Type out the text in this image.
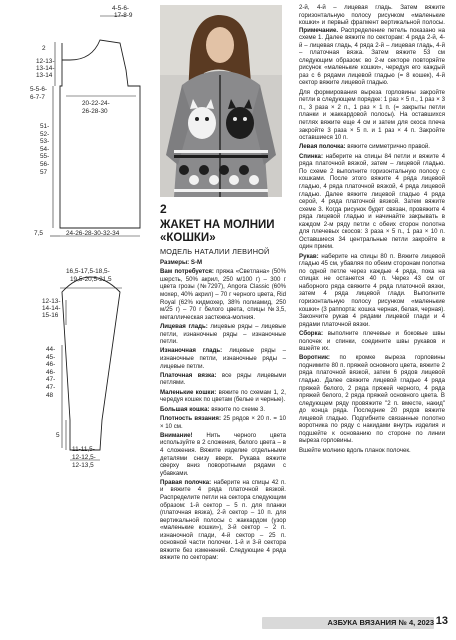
4-5-6-
17-8-9
2
12-13-
13-14-
13-14
5-5-6-
6-7-7
20-22-24-
26-28-30
51-
52-
53-
54-
55-
56-
57
7,5	24-26-28-30-32-34
16,5-17,5-18,5-
19,5-20,5-21,5
12-13-
14-14-
15-16
44-
45-
46-
46-
47-
47-
48
5
11-11,5-
12-12,5-
12-13,5
2
ЖАКЕТ НА МОЛНИИ
«КОШКИ»
МОДЕЛЬ НАТАЛИИ ЛЕВИНОЙ

Размеры: S-M

Вам потребуется: пряжа «Светлана» (50% шерсть, 50% акрил, 250 м/100 г) – 300 г цвета грозы (№7297), Angora Classic (60% мохер, 40% акрил) – 70 г черного цвета, Rid Royal (62% кидмохер, 38% полиамид, 250 м/25 г) – 70 г белого цвета, спицы №3,5, металлическая застежка-молния.

Лицевая гладь: лицевые ряды – лицевые петли, изнаночные ряды – изнаночные петли.

Изнаночная гладь: лицевые ряды – изнаночные петли, изнаночные ряды – лицевые петли.

Платочная вязка: все ряды лицевыми петлями.

Маленькие кошки: вяжите по схемам 1, 2, чередуя кошек по цветам (белые и черные).

Большая кошка: вяжите по схеме 3.

Плотность вязания: 25 рядов × 20 п. = 10 × 10 см.

Внимание! Нить черного цвета используйте в 2 сложения, белого цвета – в 4 сложения. Вяжите изделие отдельными деталями снизу вверх. Рукава вяжите сверху вниз поворотными рядами с убавками.

Правая полочка: наберите на спицы 42 п. и вяжите 4 ряда платочной вязкой. Распределите петли на сектора следующим образом: 1-й сектор – 5 п. для планки (платочная вязка), 2-й сектор – 10 п. для вертикальной полосы с жаккардом (узор «маленькие кошки»), 3-й сектор – 2 п. изнаночной глади, 4-й сектор – 25 п. основной части полочки. 1-й и 3-й сектора вяжите без изменений. Следующие 4 ряда вяжите по секторам:

2-й, 4-й – лицевая гладь. Затем вяжите горизонтальную полосу рисунком «маленькие кошки» и первый фрагмент вертикальной полосы. Примечание. Распределение петель показано на схеме 1. Далее вяжите по секторам: 4 ряда 2-й, 4-й – лицевая гладь, 4 ряда 2-й – лицевая гладь, 4-й – платочная вязка. Затем вяжите 53 см следующим образом: во 2-м секторе повторяйте рисунок «маленькие кошки», чередуя его каждый раз с 6 рядами лицевой гладью (= 8 кошек), 4-й сектор вяжите лицевой гладью.

Для формирования выреза горловины закройте петли в следующем порядке: 1 раз × 5 п., 1 раз × 3 п., 3 раза × 2 п., 1 раз × 1 п. (= закрыты петли планки и жаккардовой полосы). На оставшихся петлях вяжите еще 4 см и затем для скоса плеча закройте 3 раза × 5 п. и 1 раз × 4 п. Закройте оставшиеся 10 п.

Левая полочка: вяжите симметрично правой.

Спинка: наберите на спицы 84 петли и вяжите 4 ряда платочной вязкой, затем – лицевой гладью. По схеме 2 выполните горизонтальную полосу с кошками. После этого вяжите 4 ряда лицевой гладью, 4 ряда платочной вязкой, 4 ряда лицевой гладью. Далее вяжите лицевой гладью 4 ряда серой, 4 ряда платочной вязкой. Затем вяжите схеме 3. Когда рисунок будет связан, провяжите 4 ряда лицевой гладью и начинайте закрывать в каждом 2-м ряду петли с обеих сторон полотна для плечевых скосов: 3 раза × 5 п., 1 раз × 10 п. Оставшиеся 34 центральные петли закройте в один прием.

Рукав: наберите на спицы 80 п. Вяжите лицевой гладью 45 см, убавляя по обеим сторонам полотна по одной петле через каждые 4 ряда, пока на спицах не останется 40 п. Через 43 см от наборного ряда свяжите 4 ряда платочной вязки, затем 4 ряда лицевой глади. Выполните горизонтальную полосу рисунком «маленькие кошки» (3 раппорта: кошка черная, белая, черная). Закончите рукав 4 рядами лицевой глади и 4 рядами платочной вязки.

Сборка: выполните плечевые и боковые швы полочек и спинки, соедините швы рукавов и вшейте их.

Воротник: по кромке выреза горловины поднимите 80 п. пряжей основного цвета, вяжите 2 ряда платочной вязкой, затем 6 рядов лицевой гладью. Далее свяжите лицевой гладью 4 ряда пряжей белого, 2 ряда пряжей черного, 4 ряда пряжей белого, 2 ряда пряжей основного цвета. В следующем ряду провяжите "2 п. вместе, накид" до конца ряда. Последние 20 рядов вяжите лицевой гладью. Подгибните связанные полотно воротника по ряду с накидами внутрь изделия и подшейте к основанию по стороне по линии выреза горловины.

Вшейте молнию вдоль планок полочек.

АЗБУКА ВЯЗАНИЯ № 4, 2023 13
